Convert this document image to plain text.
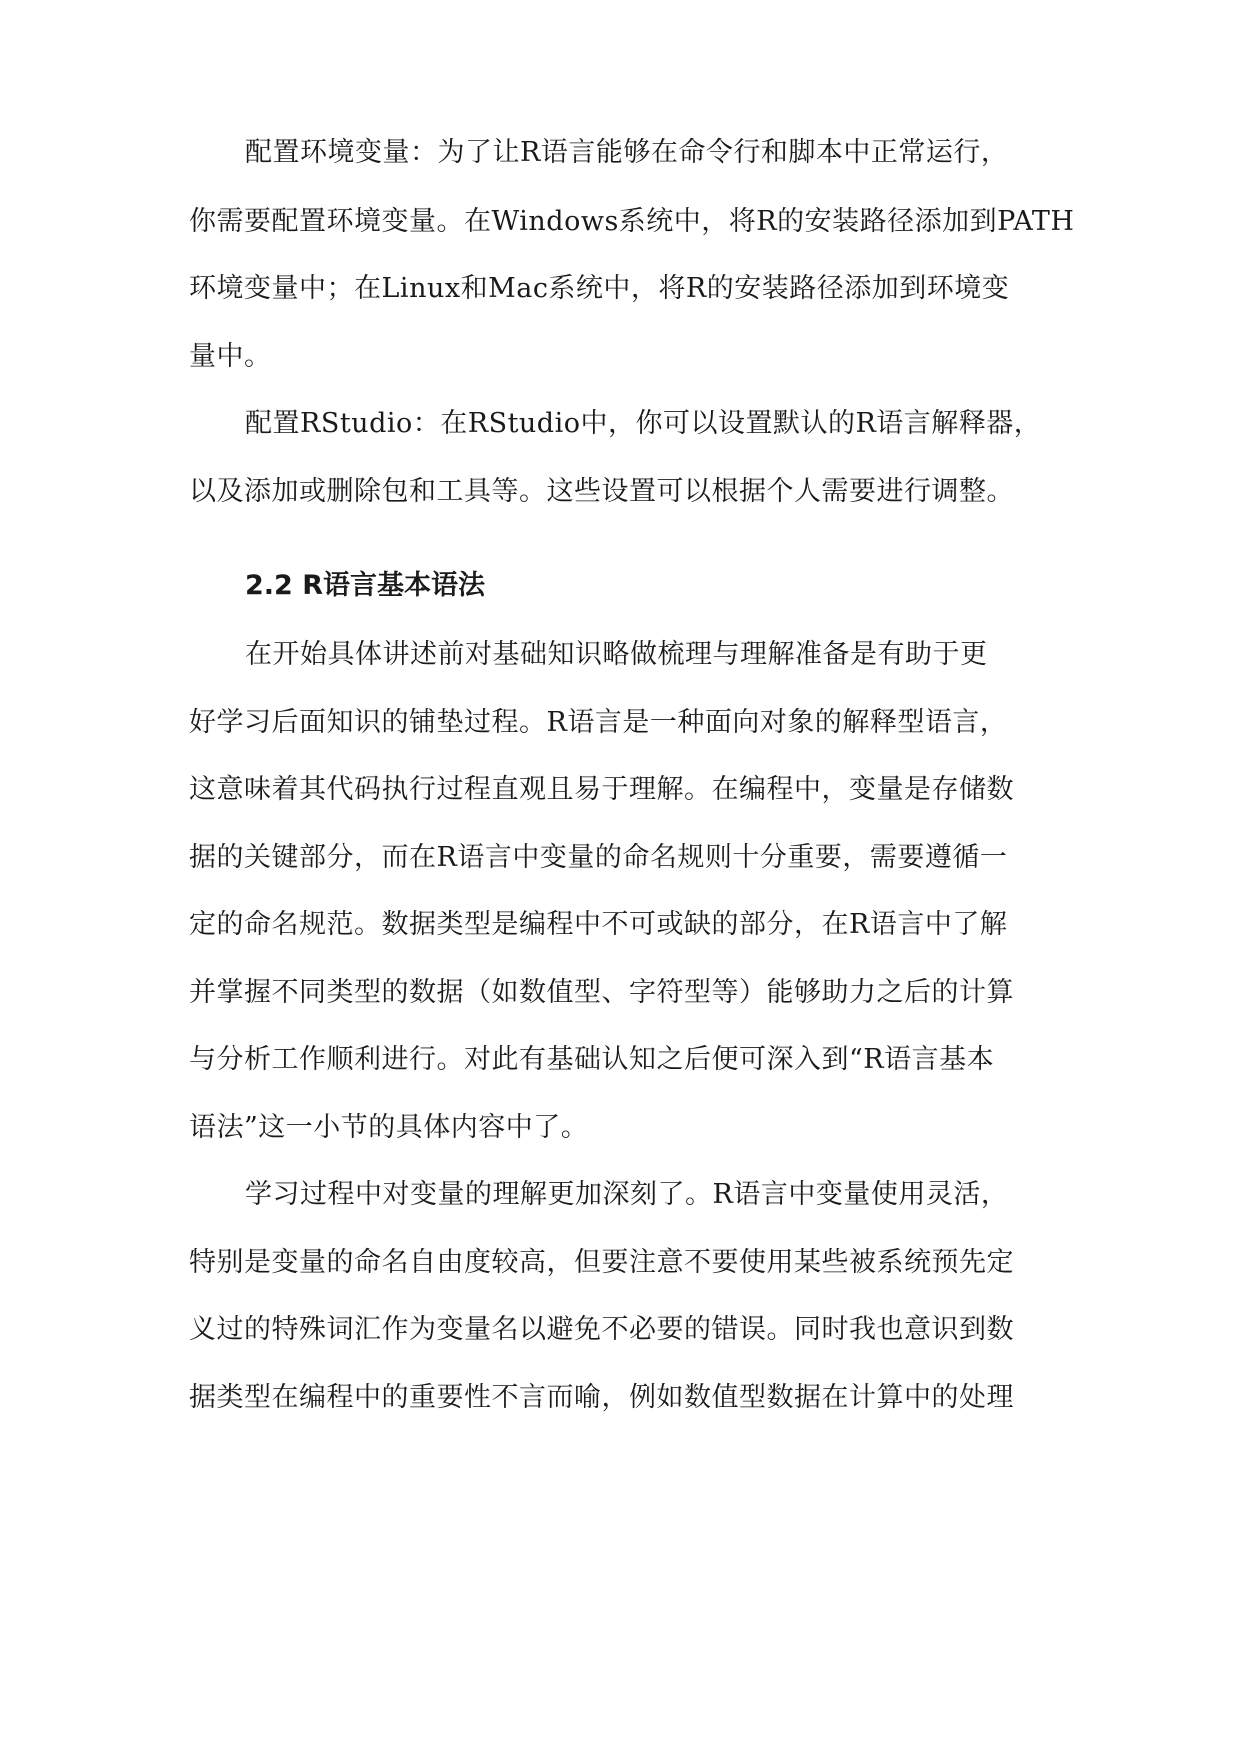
配置环境变量：为了让R语言能够在命令行和脚本中正常运行，
你需要配置环境变量。在Windows系统中，将R的安装路径添加到PATH
环境变量中；在Linux和Mac系统中，将R的安装路径添加到环境变
量中。
配置RStudio：在RStudio中，你可以设置默认的R语言解释器，
以及添加或删除包和工具等。这些设置可以根据个人需要进行调整。
2.2 R语言基本语法
在开始具体讲述前对基础知识略做梳理与理解准备是有助于更
好学习后面知识的铺垫过程。R语言是一种面向对象的解释型语言，
这意味着其代码执行过程直观且易于理解。在编程中，变量是存储数
据的关键部分，而在R语言中变量的命名规则十分重要，需要遵循一
定的命名规范。数据类型是编程中不可或缺的部分，在R语言中了解
并掌握不同类型的数据（如数值型、字符型等）能够助力之后的计算
与分析工作顺利进行。对此有基础认知之后便可深入到“R语言基本
语法”这一小节的具体内容中了。
学习过程中对变量的理解更加深刻了。R语言中变量使用灵活，
特别是变量的命名自由度较高，但要注意不要使用某些被系统预先定
义过的特殊词汇作为变量名以避免不必要的错误。同时我也意识到数
据类型在编程中的重要性不言而喻，例如数值型数据在计算中的处理
